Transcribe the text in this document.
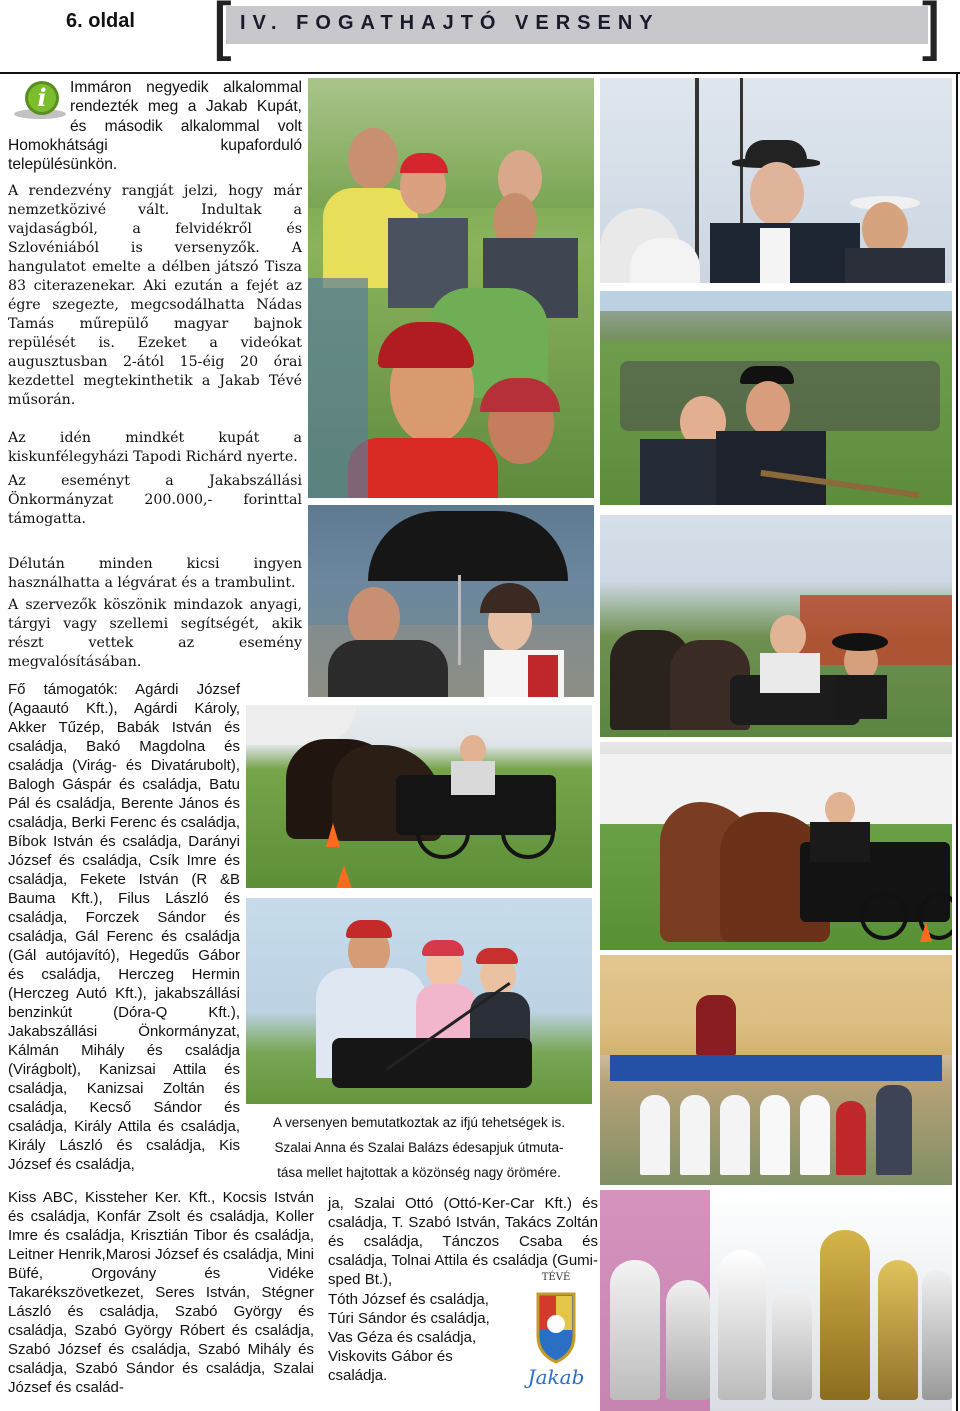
6. oldal [	]
IV. FOGATHAJTÓ VERSENY
i	Immáron negyedik alkalommal rendezték meg a Jakab Kupát, és második alkalommal volt Homokhátsági kupaforduló településünkön.

A rendezvény rangját jelzi, hogy már nemzetközivé vált. Indultak a vajdaságból, a felvidékről és Szlovéniából is versenyzők. A hangulatot emelte a délben játszó Tisza 83 citerazenekar. Aki ezután a fejét az égre szegezte, megcsodálhatta Nádas Tamás műrepülő magyar bajnok repülését is. Ezeket a videókat augusztusban 2-ától 15-éig 20 órai kezdettel megtekinthetik a Jakab Tévé műsorán.

Az idén mindkét kupát a kiskunfélegyházi Tapodi Richárd nyerte.

Az eseményt a Jakabszállási Önkormányzat 200.000,- forinttal támogatta.

Délután minden kicsi ingyen használhatta a légvárat és a trambulint.

A szervezők köszönik mindazok anyagi, tárgyi vagy szellemi segítségét, akik részt vettek az esemény megvalósításában.

Fő támogatók: Agárdi József (Agaautó Kft.), Agárdi Károly, Akker Tűzép, Babák István és családja, Bakó Magdolna és családja (Virág- és Divatárubolt), Balogh Gáspár és családja, Batu Pál és családja, Berente János és családja, Berki Ferenc és családja, Bíbok István és családja, Darányi József és családja, Csík Imre és családja, Fekete István (R &B Bauma Kft.), Filus László és családja, Forczek Sándor és családja, Gál Ferenc és családja (Gál autójavító), Hegedűs Gábor és családja, Herczeg Hermin (Herczeg Autó Kft.), jakabszállási benzinkút (Dóra-Q Kft.), Jakabszállási Önkormányzat, Kálmán Mihály és családja (Virágbolt), Kanizsai Attila és családja, Kanizsai Zoltán és családja, Kecső Sándor és családja, Király Attila és családja, Király László és családja, Kis József és családja,

Kiss ABC, Kissteher Ker. Kft., Kocsis István és családja, Konfár Zsolt és családja, Koller Imre és családja, Krisztián Tibor és családja, Leitner Henrik,Marosi József és családja, Mini Büfé, Orgovány és Vidéke Takarékszövetkezet, Seres István, Stégner László és családja, Szabó György és családja, Szabó György Róbert és családja, Szabó József és családja, Szabó Mihály és családja, Szabó Sándor és családja, Szalai József és család-

ja, Szalai Ottó (Ottó-Ker-Car Kft.) és családja, T. Szabó István, Takács Zoltán és családja, Tánczos Csaba és családja, Tolnai Attila és családja (Gumi-sped Bt.),

Tóth József és családja, Túri Sándor és családja, Vas Géza és családja, Viskovits Gábor és családja.

A versenyen bemutatkoztak az ifjú tehetségek is.
Szalai Anna és Szalai Balázs édesapjuk útmuta-
tása mellet hajtottak a közönség nagy örömére.
TÉVÉ
Jakab
